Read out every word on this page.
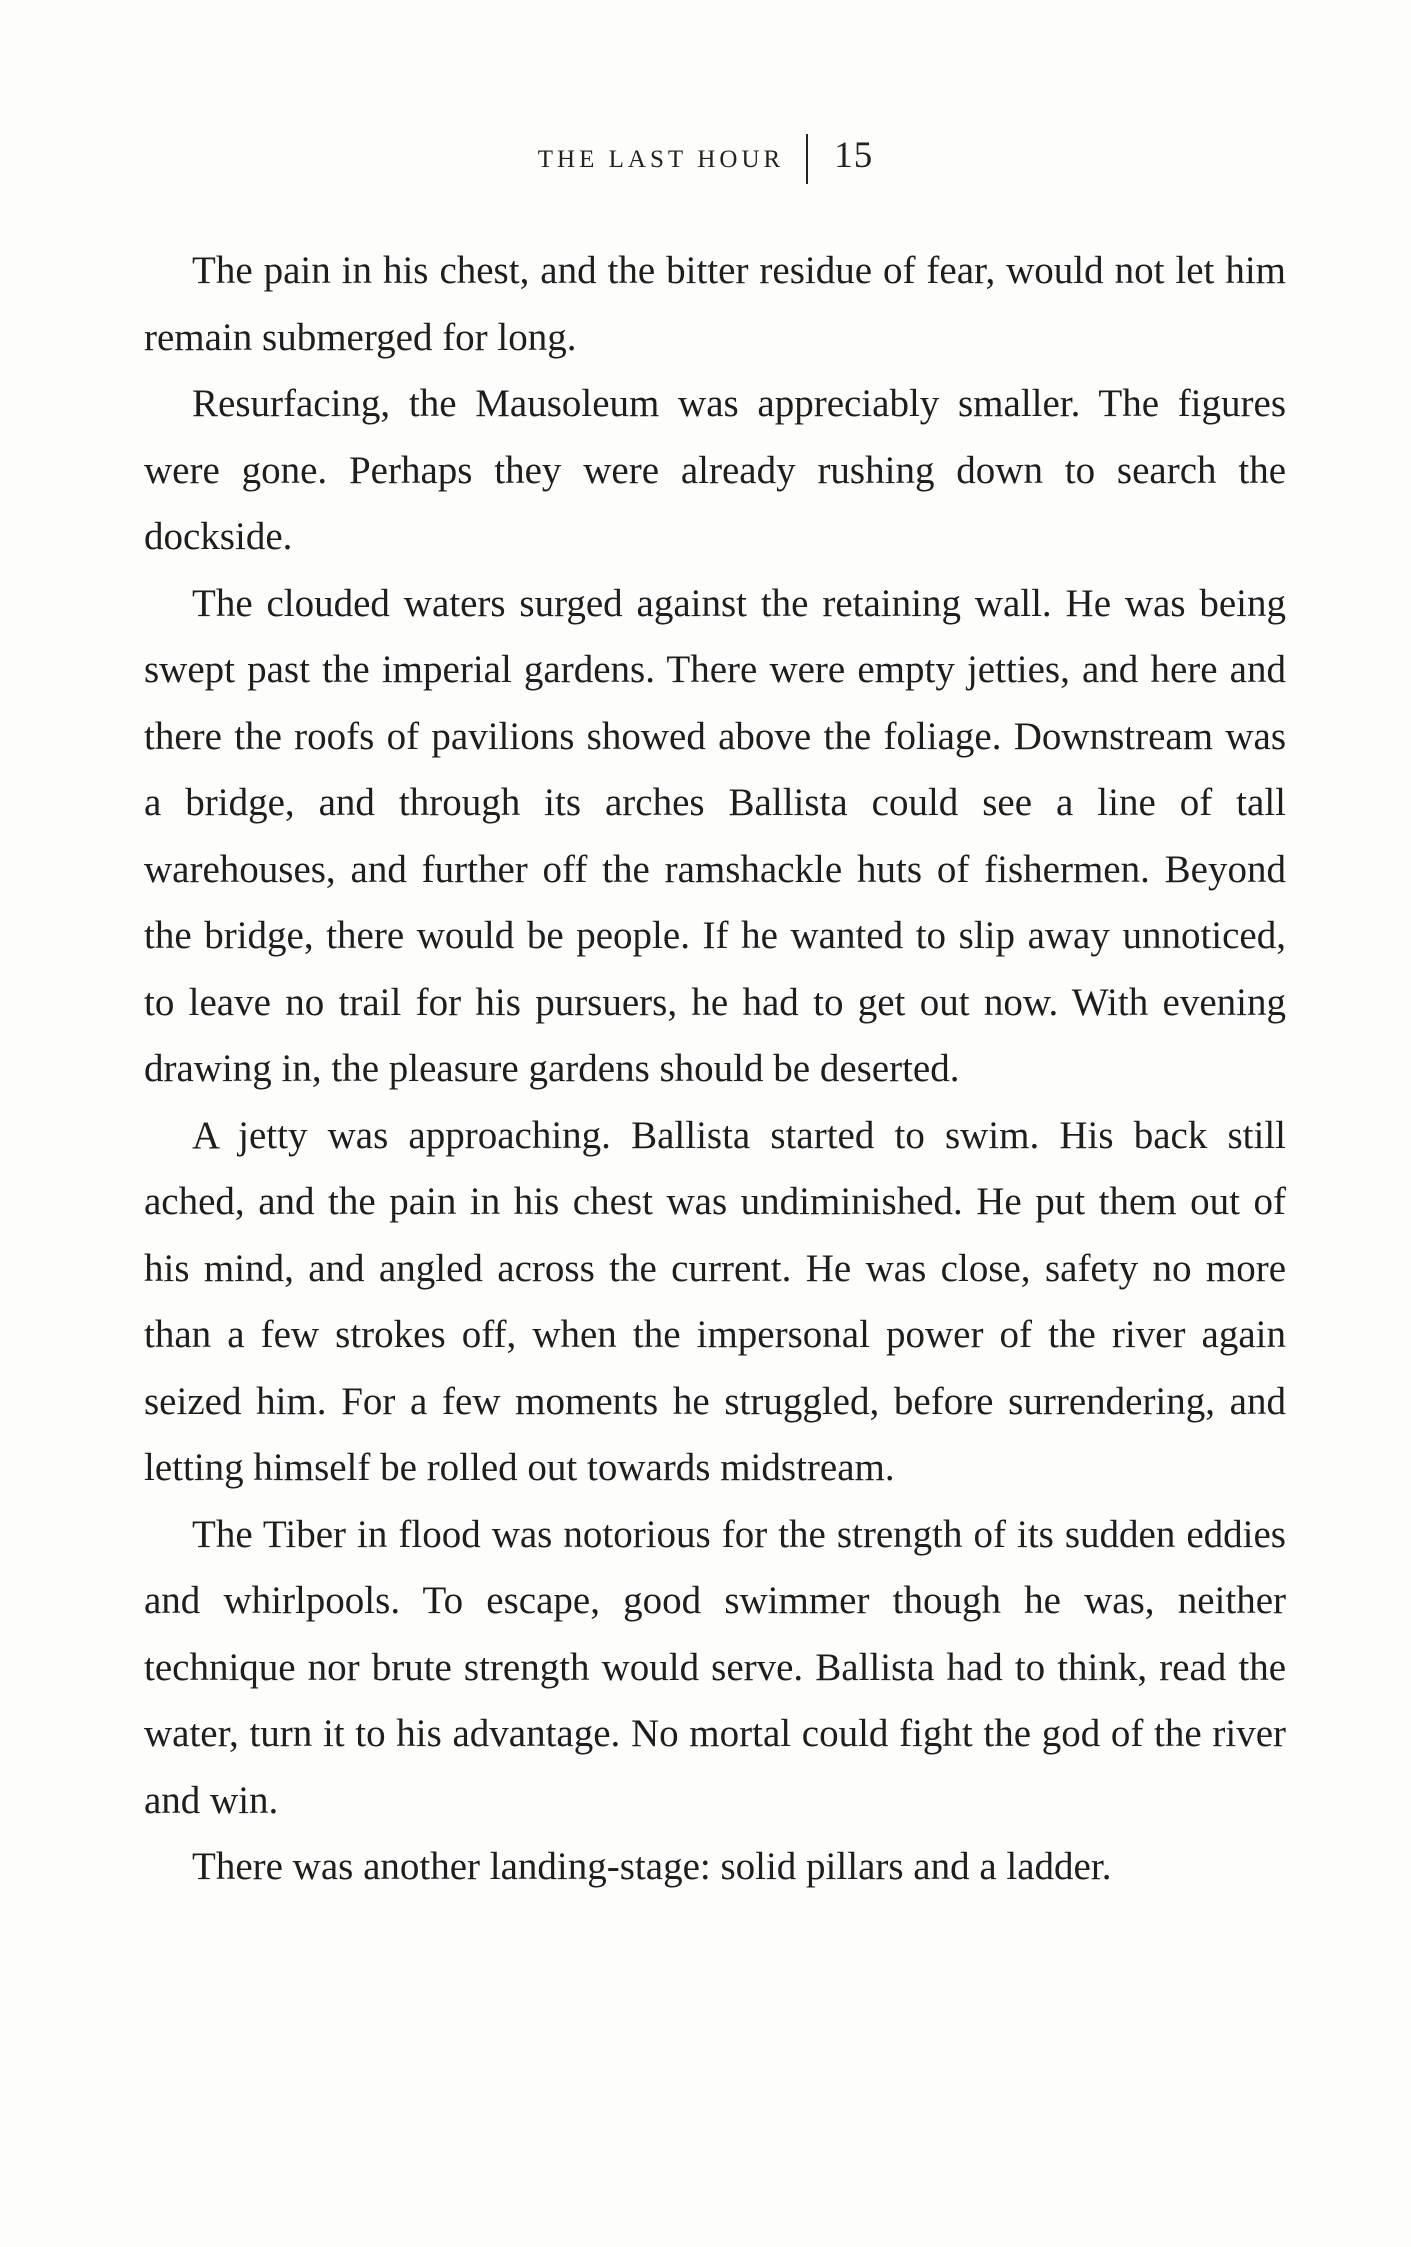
the last hour 15

The pain in his chest, and the bitter residue of fear, would not let him remain submerged for long.

Resurfacing, the Mausoleum was appreciably smaller. The figures were gone. Perhaps they were already rushing down to search the dockside.

The clouded waters surged against the retaining wall. He was being swept past the imperial gardens. There were empty jetties, and here and there the roofs of pavilions showed above the foliage. Downstream was a bridge, and through its arches Ballista could see a line of tall warehouses, and further off the ramshackle huts of fishermen. Beyond the bridge, there would be people. If he wanted to slip away unnoticed, to leave no trail for his pursuers, he had to get out now. With evening drawing in, the pleasure gardens should be deserted.

A jetty was approaching. Ballista started to swim. His back still ached, and the pain in his chest was undiminished. He put them out of his mind, and angled across the current. He was close, safety no more than a few strokes off, when the impersonal power of the river again seized him. For a few moments he struggled, before surrendering, and letting himself be rolled out towards midstream.

The Tiber in flood was notorious for the strength of its sudden eddies and whirlpools. To escape, good swimmer though he was, neither technique nor brute strength would serve. Ballista had to think, read the water, turn it to his advantage. No mortal could fight the god of the river and win.

There was another landing-stage: solid pillars and a ladder.
